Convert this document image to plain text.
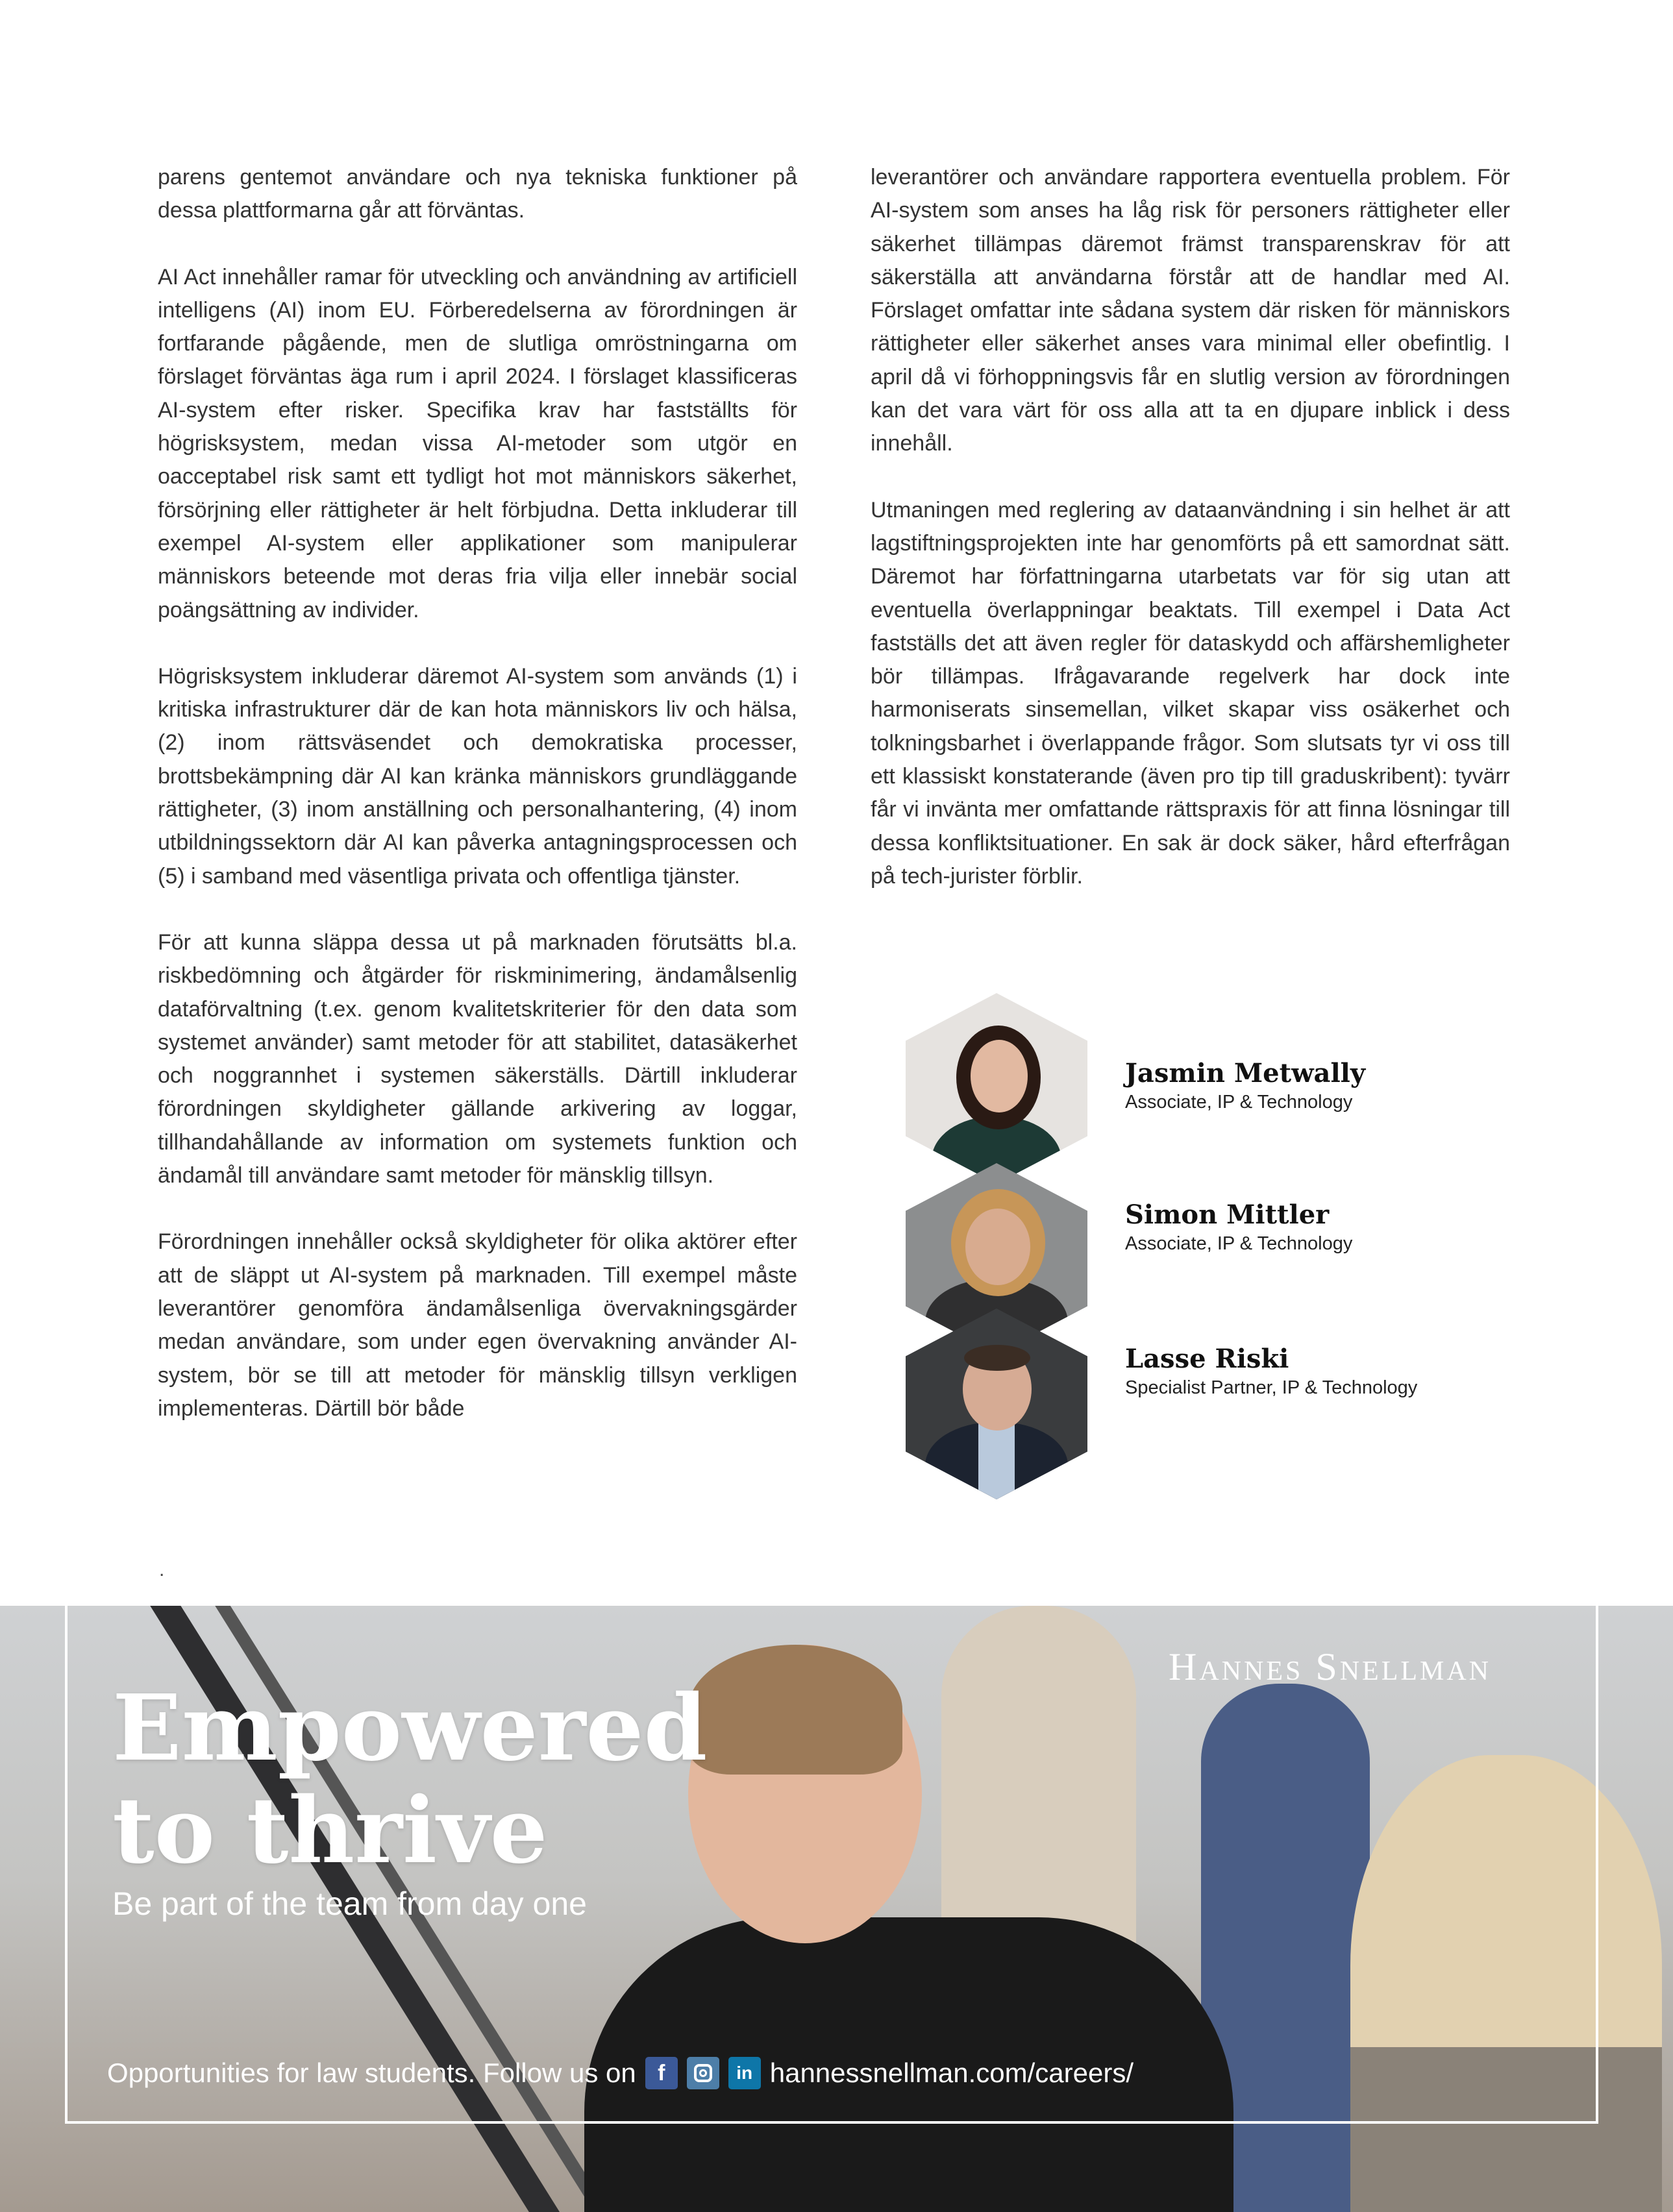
parens gentemot användare och nya tekniska funktioner på dessa plattformarna går att förväntas.

AI Act innehåller ramar för utveckling och användning av artificiell intelligens (AI) inom EU. Förberedelserna av förordningen är fortfarande pågående, men de slutliga omröstningarna om förslaget förväntas äga rum i april 2024. I förslaget klassificeras AI-system efter risker. Specifika krav har fastställts för högrisksystem, medan vissa AI-metoder som utgör en oacceptabel risk samt ett tydligt hot mot människors säkerhet, försörjning eller rättigheter är helt förbjudna. Detta inkluderar till exempel AI-system eller applikationer som manipulerar människors beteende mot deras fria vilja eller innebär social poängsättning av individer.

Högrisksystem inkluderar däremot AI-system som används (1) i kritiska infrastrukturer där de kan hota människors liv och hälsa, (2) inom rättsväsendet och demokratiska processer, brottsbekämpning där AI kan kränka människors grundläggande rättigheter, (3) inom anställning och personalhantering, (4) inom utbildningssektorn där AI kan påverka antagningsprocessen och (5) i samband med väsentliga privata och offentliga tjänster.

För att kunna släppa dessa ut på marknaden förutsätts bl.a. riskbedömning och åtgärder för riskminimering, ändamålsenlig dataförvaltning (t.ex. genom kvalitetskriterier för den data som systemet använder) samt metoder för att stabilitet, datasäkerhet och noggrannhet i systemen säkerställs. Därtill inkluderar förordningen skyldigheter gällande arkivering av loggar, tillhandahållande av information om systemets funktion och ändamål till användare samt metoder för mänsklig tillsyn.

Förordningen innehåller också skyldigheter för olika aktörer efter att de släppt ut AI-system på marknaden. Till exempel måste leverantörer genomföra ändamålsenliga övervakningsgärder medan användare, som under egen övervakning använder AI-system, bör se till att metoder för mänsklig tillsyn verkligen implementeras. Därtill bör både

leverantörer och användare rapportera eventuella problem. För AI-system som anses ha låg risk för personers rättigheter eller säkerhet tillämpas däremot främst transparenskrav för att säkerställa att användarna förstår att de handlar med AI. Förslaget omfattar inte sådana system där risken för människors rättigheter eller säkerhet anses vara minimal eller obefintlig. I april då vi förhoppningsvis får en slutlig version av förordningen kan det vara värt för oss alla att ta en djupare inblick i dess innehåll.

Utmaningen med reglering av dataanvändning i sin helhet är att lagstiftningsprojekten inte har genomförts på ett samordnat sätt. Däremot har författningarna utarbetats var för sig utan att eventuella överlappningar beaktats. Till exempel i Data Act fastställs det att även regler för dataskydd och affärshemligheter bör tillämpas. Ifrågavarande regelverk har dock inte harmoniserats sinsemellan, vilket skapar viss osäkerhet och tolkningsbarhet i överlappande frågor. Som slutsats tyr vi oss till ett klassiskt konstaterande (även pro tip till graduskribent): tyvärr får vi invänta mer omfattande rättspraxis för att finna lösningar till dessa konfliktsituationer. En sak är dock säker, hård efterfrågan på tech-jurister förblir.

Jasmin Metwally
Associate, IP & Technology
Simon Mittler
Associate, IP & Technology
Lasse Riski
Specialist Partner, IP & Technology
.
Hannes Snellman
Empowered
to thrive
Be part of the team from day one
Opportunities for law students. Follow us on f	in hannessnellman.com/careers/
